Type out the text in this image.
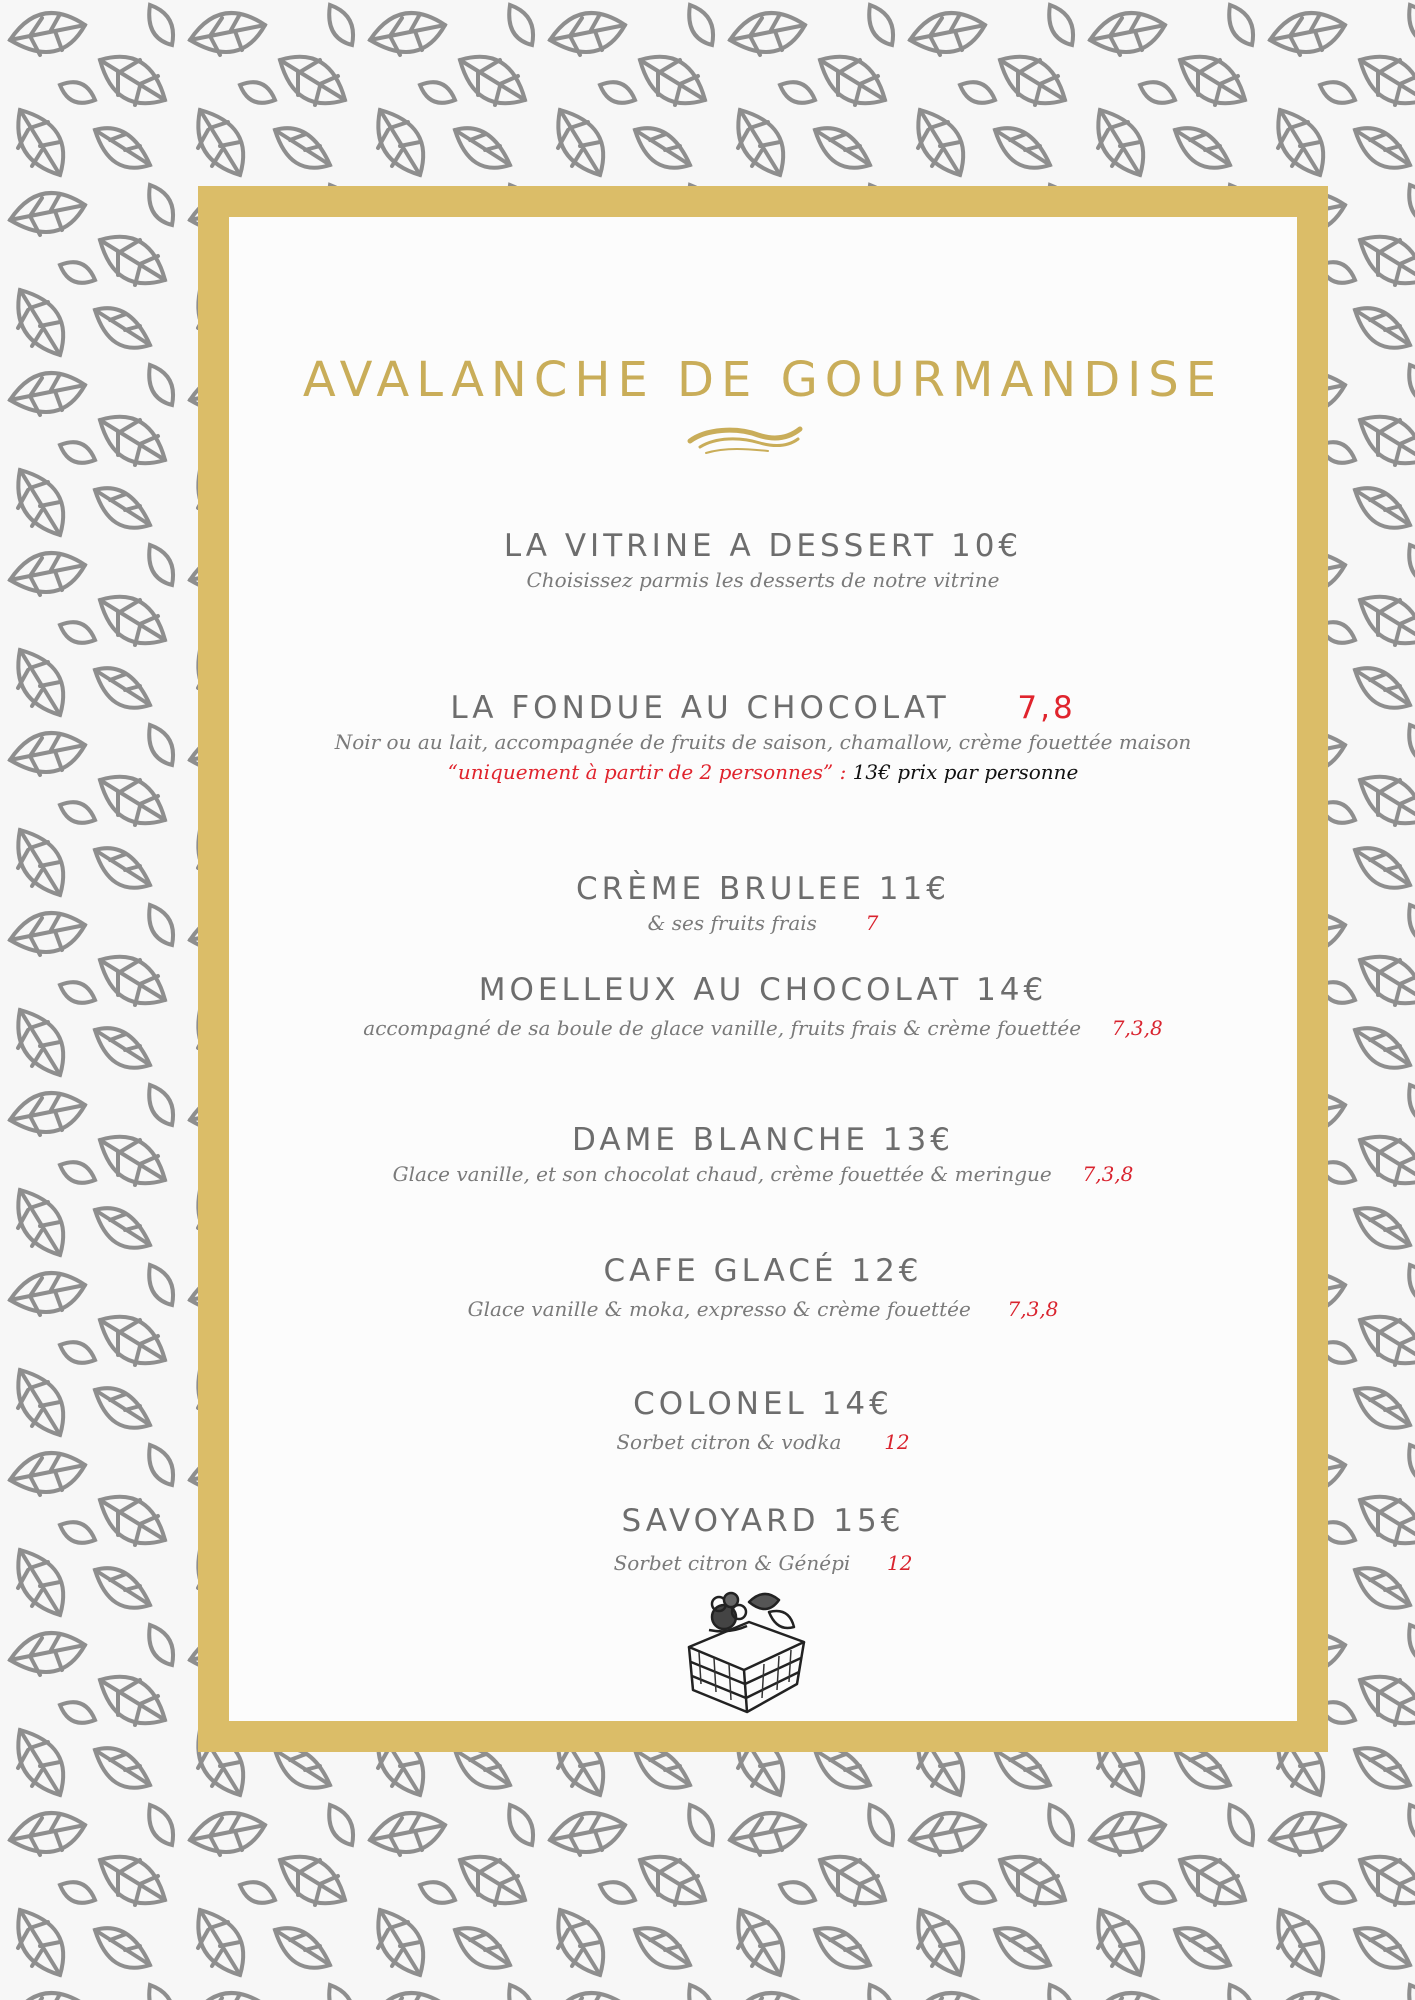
AVALANCHE DE GOURMANDISE
LA VITRINE A DESSERT 10€
Choisissez parmis les desserts de notre vitrine
LA FONDUE AU CHOCOLAT 7,8
Noir ou au lait, accompagnée de fruits de saison, chamallow, crème fouettée maison
“uniquement à partir de 2 personnes” : 13€ prix par personne
CRÈME BRULEE 11€
& ses fruits frais 7
MOELLEUX AU CHOCOLAT 14€
accompagné de sa boule de glace vanille, fruits frais & crème fouettée 7,3,8
DAME BLANCHE 13€
Glace vanille, et son chocolat chaud, crème fouettée & meringue 7,3,8
CAFE GLACÉ 12€
Glace vanille & moka, expresso & crème fouettée 7,3,8
COLONEL 14€
Sorbet citron & vodka 12
SAVOYARD 15€
Sorbet citron & Génépi 12
